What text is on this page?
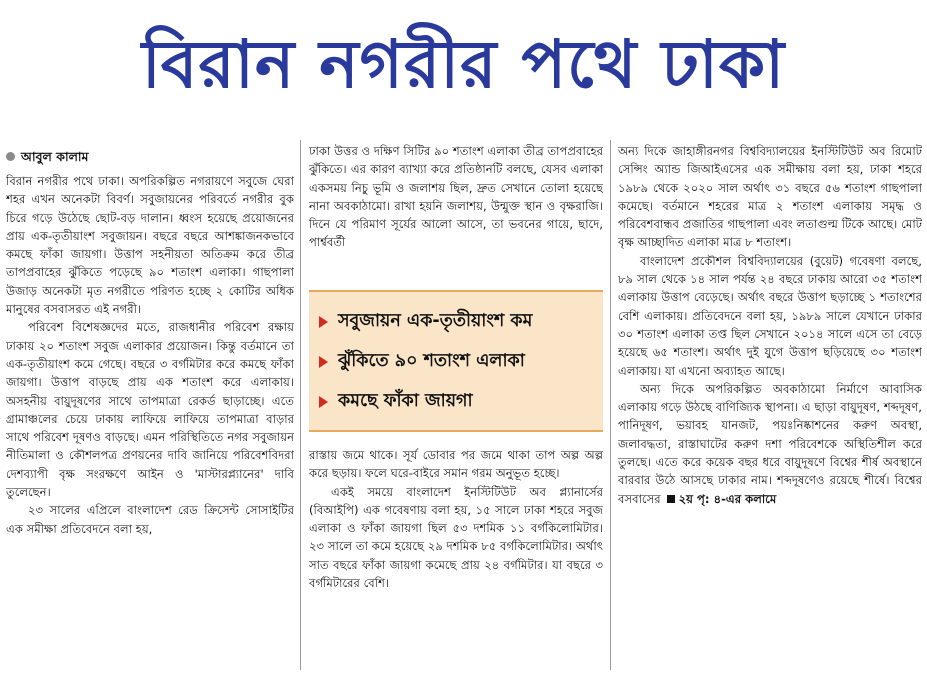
বিরান নগরীর পথে ঢাকা
আবুল কালাম

বিরান নগরীর পথে ঢাকা। অপরিকল্পিত নগরায়ণে সবুজে ঘেরা শহর এখন অনেকটা বিবর্ণ। সবুজায়নের পরিবর্তে নগরীর বুক চিরে গড়ে উঠেছে ছোট-বড় দালান। ধ্বংস হয়েছে প্রয়োজনের প্রায় এক-তৃতীয়াংশ সবুজায়ন। বছরে বছরে আশঙ্কাজনকভাবে কমছে ফাঁকা জায়গা। উত্তাপ সহনীয়তা অতিক্রম করে তীব্র তাপপ্রবাহের ঝুঁকিতে পড়েছে ৯০ শতাংশ এলাকা। গাছপালা উজাড় অনেকটা মৃত নগরীতে পরিণত হচ্ছে ২ কোটির অধিক মানুষের বসবাসরত এই নগরী।

পরিবেশ বিশেষজ্ঞদের মতে, রাজধানীর পরিবেশ রক্ষায় ঢাকায় ২০ শতাংশ সবুজ এলাকার প্রয়োজন। কিন্তু বর্তমানে তা এক-তৃতীয়াংশ কমে গেছে। বছরে ৩ বর্গমিটার করে কমছে ফাঁকা জায়গা। উত্তাপ বাড়ছে প্রায় এক শতাংশ করে এলাকায়। অসহনীয় বায়ুদূষণের সাথে তাপমাত্রা রেকর্ড ছাড়াচ্ছে। এতে গ্রামাঞ্চলের চেয়ে ঢাকায় লাফিয়ে লাফিয়ে তাপমাত্রা বাড়ার সাথে পরিবেশ দূষণও বাড়ছে। এমন পরিস্থিতিতে নগর সবুজায়ন নীতিমালা ও কৌশলপত্র প্রণয়নের দাবি জানিয়ে পরিবেশবিদরা দেশব্যাপী বৃক্ষ সংরক্ষণে আইন ও 'মাস্টারপ্ল্যানের' দাবি তুলেছেন।

২৩ সালের এপ্রিলে বাংলাদেশ রেড ক্রিসেন্ট সোসাইটির এক সমীক্ষা প্রতিবেদনে বলা হয়,

ঢাকা উত্তর ও দক্ষিণ সিটির ৯০ শতাংশ এলাকা তীব্র তাপপ্রবাহের ঝুঁকিতে। এর কারণ ব্যাখ্যা করে প্রতিষ্ঠানটি বলছে, যেসব এলাকা একসময় নিচু ভূমি ও জলাশয় ছিল, দ্রুত সেখানে তোলা হয়েছে নানা অবকাঠামো। রাখা হয়নি জলাশয়, উন্মুক্ত স্থান ও বৃক্ষরাজি। দিনে যে পরিমাণ সূর্যের আলো আসে, তা ভবনের গায়ে, ছাদে, পার্শ্ববর্তী

সবুজায়ন এক-তৃতীয়াংশ কম
ঝুঁকিতে ৯০ শতাংশ এলাকা
কমছে ফাঁকা জায়গা

রাস্তায় জমে থাকে। সূর্য ডোবার পর জমে থাকা তাপ অল্প অল্প করে ছড়ায়। ফলে ঘরে-বাইরে সমান গরম অনুভূত হচ্ছে।

একই সময়ে বাংলাদেশ ইনস্টিটিউট অব প্ল্যানার্সের (বিআইপি) এক গবেষণায় বলা হয়, ১৫ সালে ঢাকা শহরে সবুজ এলাকা ও ফাঁকা জায়গা ছিল ৫৩ দশমিক ১১ বর্গকিলোমিটার। ২৩ সালে তা কমে হয়েছে ২৯ দশমিক ৮৫ বর্গকিলোমিটার। অর্থাৎ সাত বছরে ফাঁকা জায়গা কমেছে প্রায় ২৪ বর্গমিটার। যা বছরে ৩ বর্গমিটারের বেশি।

অন্য দিকে জাহাঙ্গীরনগর বিশ্ববিদ্যালয়ের ইনস্টিটিউট অব রিমোট সেন্সিং অ্যান্ড জিআইএসের এক সমীক্ষায় বলা হয়, ঢাকা শহরে ১৯৮৯ থেকে ২০২০ সাল অর্থাৎ ৩১ বছরে ৫৬ শতাংশ গাছপালা কমেছে। বর্তমানে শহরের মাত্র ২ শতাংশ এলাকায় সমৃদ্ধ ও পরিবেশবান্ধব প্রজাতির গাছপালা এবং লতাগুল্ম টিকে আছে। মোট বৃক্ষ আচ্ছাদিত এলাকা মাত্র ৮ শতাংশ।

বাংলাদেশ প্রকৌশল বিশ্ববিদ্যালয়ের (বুয়েট) গবেষণা বলছে, ৮৯ সাল থেকে ১৪ সাল পর্যন্ত ২৪ বছরে ঢাকায় আরো ৩৫ শতাংশ এলাকায় উত্তাপ বেড়েছে। অর্থাৎ বছরে উত্তাপ ছড়াচ্ছে ১ শতাংশের বেশি এলাকায়। প্রতিবেদনে বলা হয়, ১৯৮৯ সালে যেখানে ঢাকার ৩০ শতাংশ এলাকা তপ্ত ছিল সেখানে ২০১৪ সালে এসে তা বেড়ে হয়েছে ৬৫ শতাংশ। অর্থাৎ দুই যুগে উত্তাপ ছড়িয়েছে ৩০ শতাংশ এলাকায়। যা এখনো অব্যাহত আছে।

অন্য দিকে অপরিকল্পিত অবকাঠামো নির্মাণে আবাসিক এলাকায় গড়ে উঠছে বাণিজ্যিক স্থাপনা। এ ছাড়া বায়ুদূষণ, শব্দদূষণ, পানিদূষণ, ভয়াবহ যানজট, পয়ঃনিষ্কাশনের করুণ অবস্থা, জলাবদ্ধতা, রাস্তাঘাটের করুণ দশা পরিবেশকে অস্থিতিশীল করে তুলছে। এতে করে কয়েক বছর ধরে বায়ুদূষণে বিশ্বের শীর্ষ অবস্থানে বারবার উঠে আসছে ঢাকার নাম। শব্দদূষণেও রয়েছে শীর্ষে। বিশ্বের বসবাসের ২য় পৃ: ৪-এর কলামে
